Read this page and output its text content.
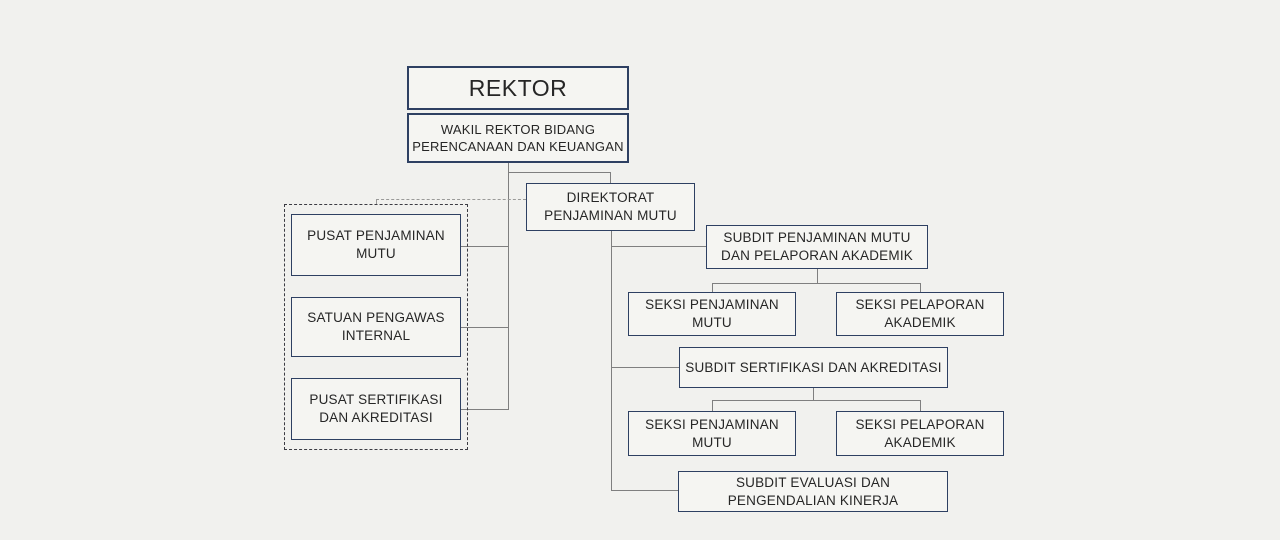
REKTOR
WAKIL REKTOR BIDANG
PERENCANAAN DAN KEUANGAN
DIREKTORAT
PENJAMINAN MUTU
PUSAT PENJAMINAN
MUTU
SATUAN PENGAWAS
INTERNAL
PUSAT SERTIFIKASI
DAN AKREDITASI
SUBDIT PENJAMINAN MUTU
DAN PELAPORAN AKADEMIK
SEKSI PENJAMINAN
MUTU
SEKSI PELAPORAN
AKADEMIK
SUBDIT SERTIFIKASI DAN AKREDITASI
SEKSI PENJAMINAN
MUTU
SEKSI PELAPORAN
AKADEMIK
SUBDIT EVALUASI DAN
PENGENDALIAN KINERJA
